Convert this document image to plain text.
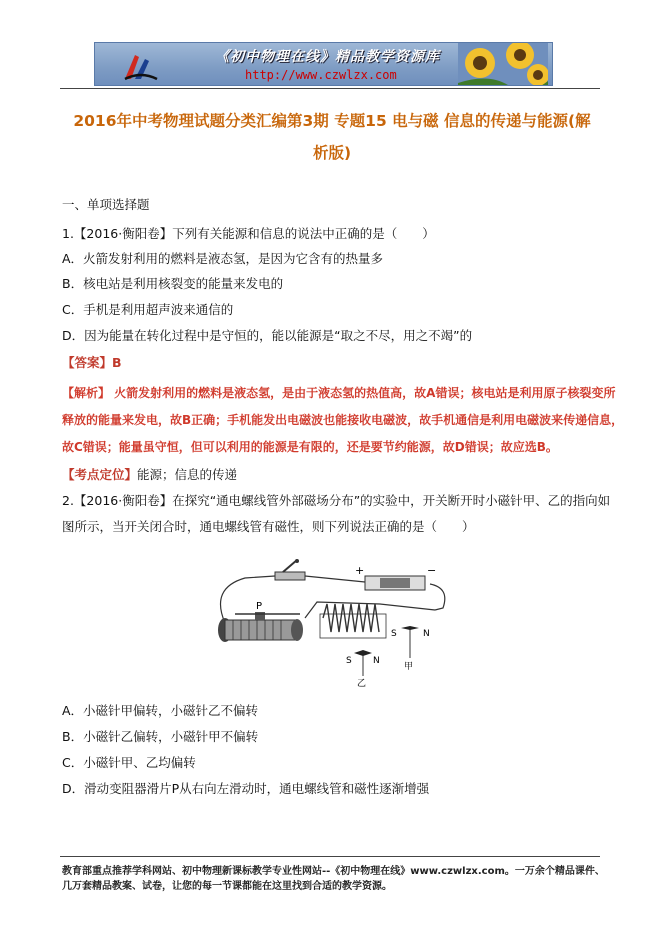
《初中物理在线》精品教学资源库
http://www.czwlzx.com
2016年中考物理试题分类汇编第3期 专题15 电与磁 信息的传递与能源(解
析版)
一、单项选择题
1.【2016·衡阳卷】下列有关能源和信息的说法中正确的是（　　）
A．火箭发射利用的燃料是液态氢，是因为它含有的热量多
B．核电站是利用核裂变的能量来发电的
C．手机是利用超声波来通信的
D．因为能量在转化过程中是守恒的，能以能源是“取之不尽，用之不竭”的
【答案】B
【解析】 火箭发射利用的燃料是液态氢，是由于液态氢的热值高，故A错误；核电站是利用原子核裂变所
释放的能量来发电，故B正确；手机能发出电磁波也能接收电磁波，故手机通信是利用电磁波来传递信息，
故C错误；能量虽守恒，但可以利用的能源是有限的，还是要节约能源，故D错误；故应选B。
【考点定位】能源；信息的传递
2.【2016·衡阳卷】在探究“通电螺线管外部磁场分布”的实验中，开关断开时小磁针甲、乙的指向如
图所示，当开关闭合时，通电螺线管有磁性，则下列说法正确的是（　　）
+	−
P
S	N
S N
甲
乙
A．小磁针甲偏转，小磁针乙不偏转
B．小磁针乙偏转，小磁针甲不偏转
C．小磁针甲、乙均偏转
D．滑动变阻器滑片P从右向左滑动时，通电螺线管和磁性逐渐增强
教育部重点推荐学科网站、初中物理新课标教学专业性网站--《初中物理在线》www.czwlzx.com。一万余个精品课件、
几万套精品教案、试卷，让您的每一节课都能在这里找到合适的教学资源。
